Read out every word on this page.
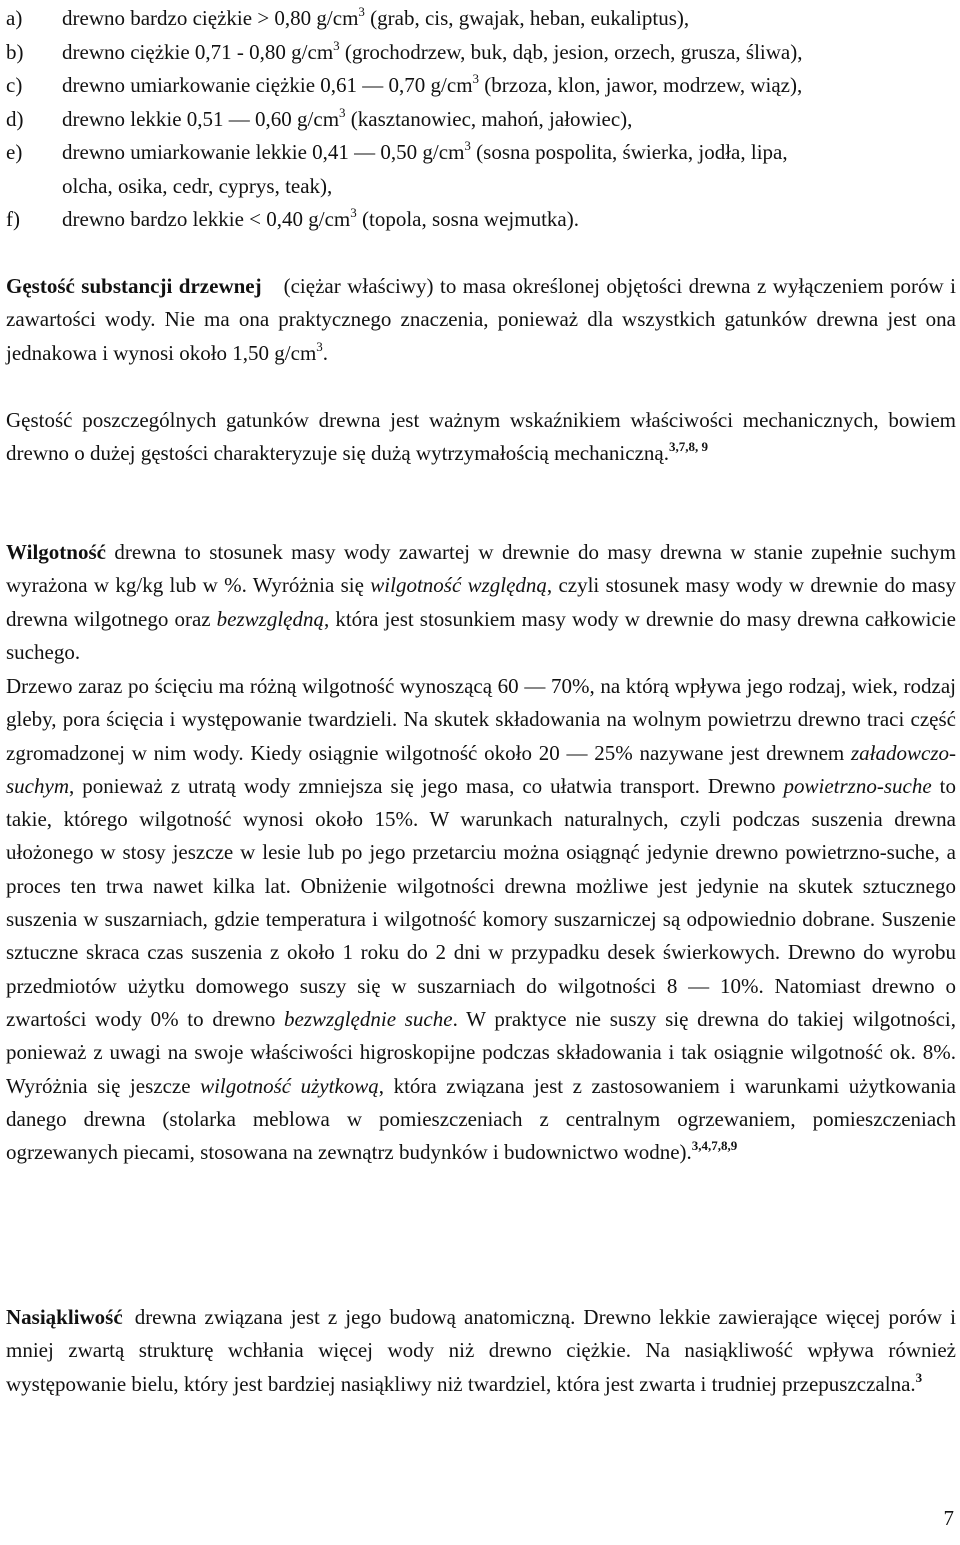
a) drewno bardzo ciężkie > 0,80 $g/cm^3$ (grab, cis, gwajak, heban, eukaliptus),
b) drewno ciężkie 0,71 - 0,80 $g/cm^3$ (grochodrzew, buk, dąb, jesion, orzech, grusza, śliwa),
c) drewno umiarkowanie ciężkie 0,61 — 0,70 $g/cm^3$ (brzoza, klon, jawor, modrzew, wiąz),
d) drewno lekkie 0,51 — 0,60 $g/cm^3$ (kasztanowiec, mahoń, jałowiec),
e) drewno umiarkowanie lekkie 0,41 — 0,50 $g/cm^3$ (sosna pospolita, świerka, jodła, lipa,
olcha, osika, cedr, cyprys, teak),
f) drewno bardzo lekkie < 0,40 $g/cm^3$ (topola, sosna wejmutka).

Gęstość substancji drzewnej (ciężar właściwy) to masa określonej objętości drewna z wyłączeniem porów i zawartości wody. Nie ma ona praktycznego znaczenia, ponieważ dla wszystkich gatunków drewna jest ona jednakowa i wynosi około 1,50 $g/cm^3$.

Gęstość poszczególnych gatunków drewna jest ważnym wskaźnikiem właściwości mechanicznych, bowiem drewno o dużej gęstości charakteryzuje się dużą wytrzymałością mechaniczną.$^{3,7,8, 9}$

Wilgotność drewna to stosunek masy wody zawartej w drewnie do masy drewna w stanie zupełnie suchym wyrażona w kg/kg lub w %. Wyróżnia się wilgotność względną, czyli stosunek masy wody w drewnie do masy drewna wilgotnego oraz bezwzględną, która jest stosunkiem masy wody w drewnie do masy drewna całkowicie suchego.

Drzewo zaraz po ścięciu ma różną wilgotność wynoszącą 60 — 70%, na którą wpływa jego rodzaj, wiek, rodzaj gleby, pora ścięcia i występowanie twardzieli. Na skutek składowania na wolnym powietrzu drewno traci część zgromadzonej w nim wody. Kiedy osiągnie wilgotność około 20 — 25% nazywane jest drewnem załadowczo-suchym, ponieważ z utratą wody zmniejsza się jego masa, co ułatwia transport. Drewno powietrzno-suche to takie, którego wilgotność wynosi około 15%. W warunkach naturalnych, czyli podczas suszenia drewna ułożonego w stosy jeszcze w lesie lub po jego przetarciu można osiągnąć jedynie drewno powietrzno-suche, a proces ten trwa nawet kilka lat. Obniżenie wilgotności drewna możliwe jest jedynie na skutek sztucznego suszenia w suszarniach, gdzie temperatura i wilgotność komory suszarniczej są odpowiednio dobrane. Suszenie sztuczne skraca czas suszenia z około 1 roku do 2 dni w przypadku desek świerkowych. Drewno do wyrobu przedmiotów użytku domowego suszy się w suszarniach do wilgotności 8 — 10%. Natomiast drewno o zwartości wody 0% to drewno bezwzględnie suche. W praktyce nie suszy się drewna do takiej wilgotności, ponieważ z uwagi na swoje właściwości higroskopijne podczas składowania i tak osiągnie wilgotność ok. 8%. Wyróżnia się jeszcze wilgotność użytkową, która związana jest z zastosowaniem i warunkami użytkowania danego drewna (stolarka meblowa w pomieszczeniach z centralnym ogrzewaniem, pomieszczeniach ogrzewanych piecami, stosowana na zewnątrz budynków i budownictwo wodne).$^{3,4,7,8,9}$

Nasiąkliwość drewna związana jest z jego budową anatomiczną. Drewno lekkie zawierające więcej porów i mniej zwartą strukturę wchłania więcej wody niż drewno ciężkie. Na nasiąkliwość wpływa również występowanie bielu, który jest bardziej nasiąkliwy niż twardziel, która jest zwarta i trudniej przepuszczalna.$^3$

7
